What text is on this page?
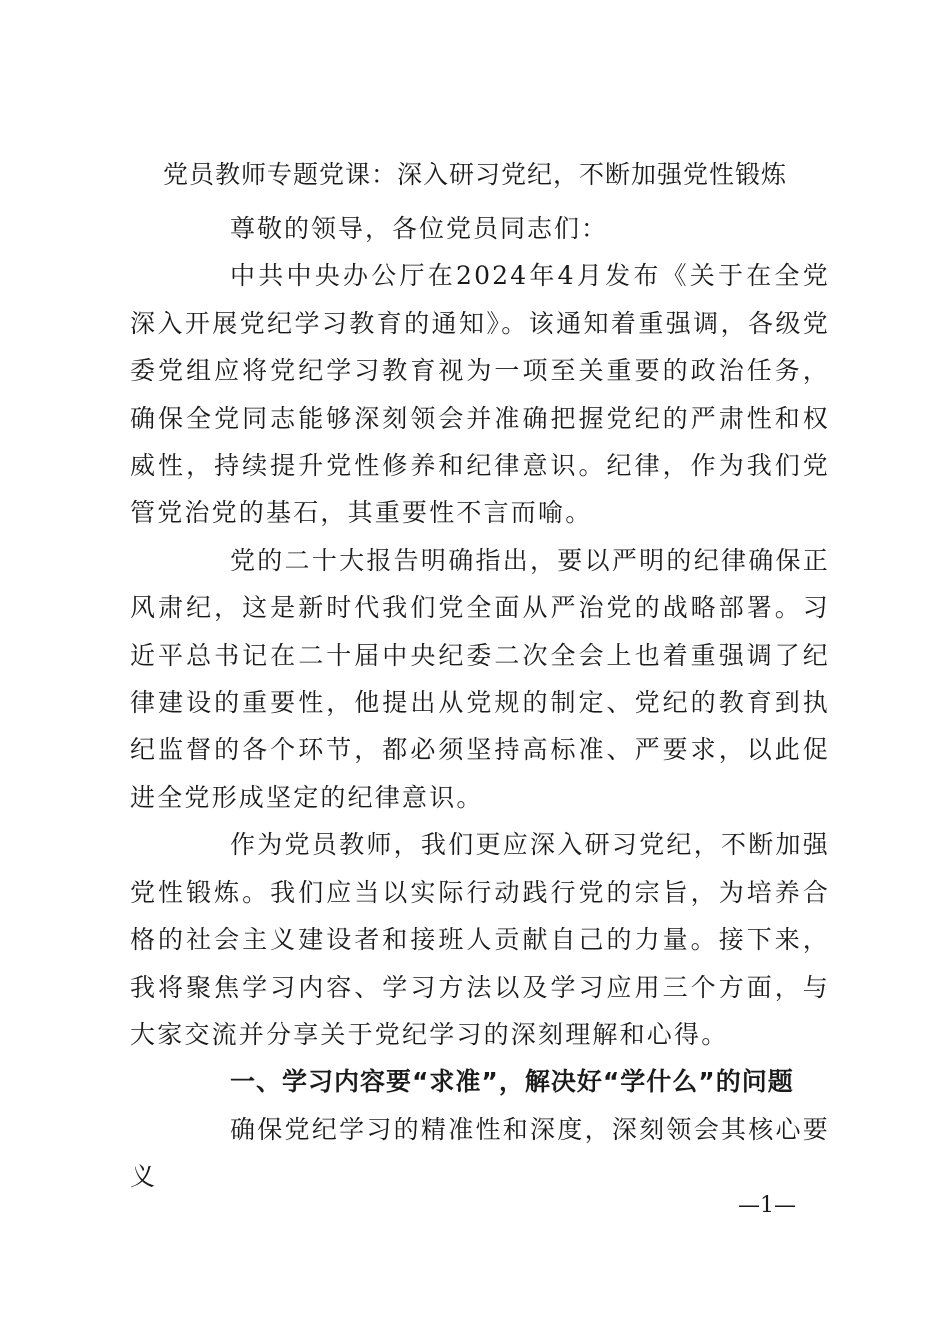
党员教师专题党课：深入研习党纪，不断加强党性锻炼

尊敬的领导，各位党员同志们：

中共中央办公厅在2024年4月发布《关于在全党深入开展党纪学习教育的通知》。该通知着重强调，各级党委党组应将党纪学习教育视为一项至关重要的政治任务，确保全党同志能够深刻领会并准确把握党纪的严肃性和权威性，持续提升党性修养和纪律意识。纪律，作为我们党管党治党的基石，其重要性不言而喻。

党的二十大报告明确指出，要以严明的纪律确保正风肃纪，这是新时代我们党全面从严治党的战略部署。习近平总书记在二十届中央纪委二次全会上也着重强调了纪律建设的重要性，他提出从党规的制定、党纪的教育到执纪监督的各个环节，都必须坚持高标准、严要求，以此促进全党形成坚定的纪律意识。

作为党员教师，我们更应深入研习党纪，不断加强党性锻炼。我们应当以实际行动践行党的宗旨，为培养合格的社会主义建设者和接班人贡献自己的力量。接下来，我将聚焦学习内容、学习方法以及学习应用三个方面，与大家交流并分享关于党纪学习的深刻理解和心得。

一、学习内容要“求准”，解决好“学什么”的问题

确保党纪学习的精准性和深度，深刻领会其核心要义

—1—
